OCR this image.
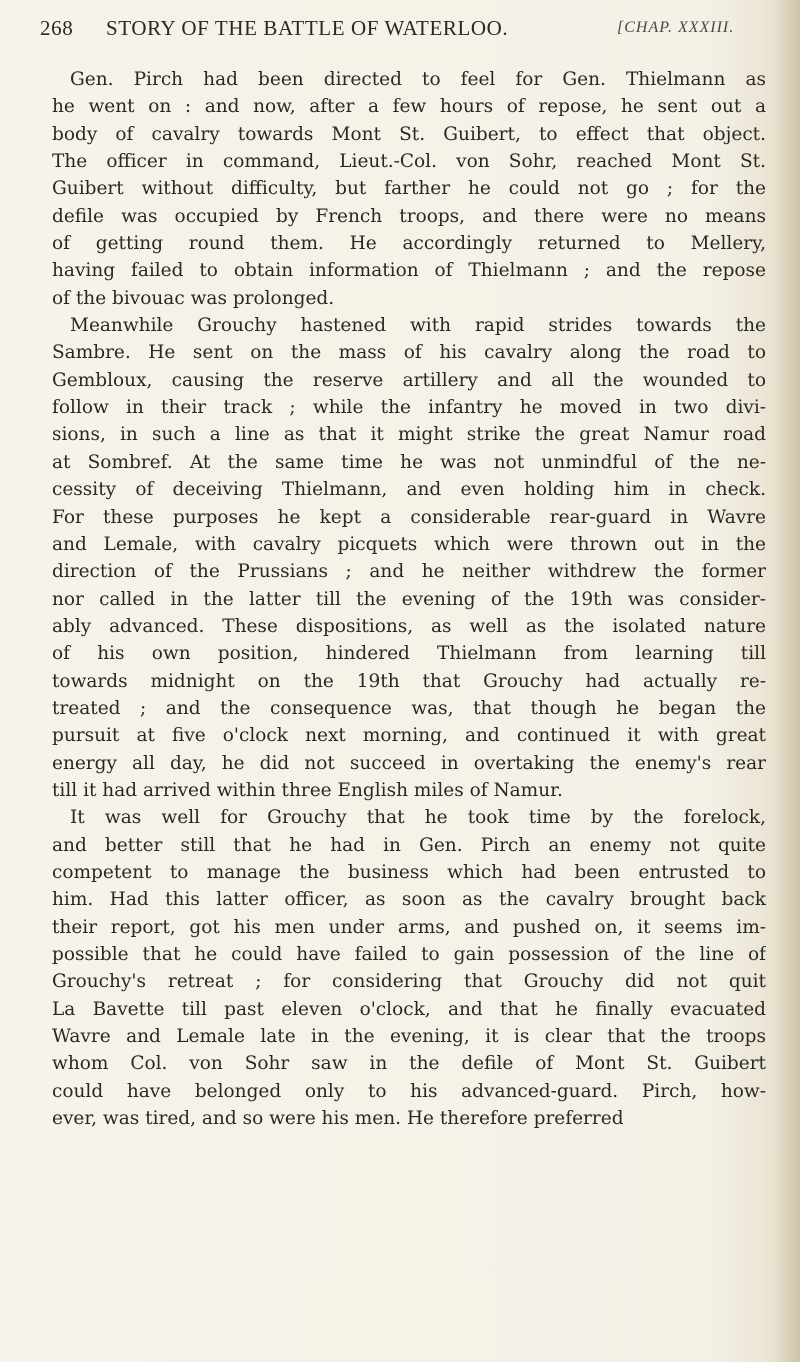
268 STORY OF THE BATTLE OF WATERLOO.	[CHAP. XXXIII.
Gen. Pirch had been directed to feel for Gen. Thielmann as
he went on : and now, after a few hours of repose, he sent out a
body of cavalry towards Mont St. Guibert, to effect that object.
The officer in command, Lieut.-Col. von Sohr, reached Mont St.
Guibert without difficulty, but farther he could not go ; for the
defile was occupied by French troops, and there were no means
of getting round them. He accordingly returned to Mellery,
having failed to obtain information of Thielmann ; and the repose
of the bivouac was prolonged.
Meanwhile Grouchy hastened with rapid strides towards the
Sambre. He sent on the mass of his cavalry along the road to
Gembloux, causing the reserve artillery and all the wounded to
follow in their track ; while the infantry he moved in two divi-
sions, in such a line as that it might strike the great Namur road
at Sombref. At the same time he was not unmindful of the ne-
cessity of deceiving Thielmann, and even holding him in check.
For these purposes he kept a considerable rear-guard in Wavre
and Lemale, with cavalry picquets which were thrown out in the
direction of the Prussians ; and he neither withdrew the former
nor called in the latter till the evening of the 19th was consider-
ably advanced. These dispositions, as well as the isolated nature
of his own position, hindered Thielmann from learning till
towards midnight on the 19th that Grouchy had actually re-
treated ; and the consequence was, that though he began the
pursuit at five o'clock next morning, and continued it with great
energy all day, he did not succeed in overtaking the enemy's rear
till it had arrived within three English miles of Namur.
It was well for Grouchy that he took time by the forelock,
and better still that he had in Gen. Pirch an enemy not quite
competent to manage the business which had been entrusted to
him. Had this latter officer, as soon as the cavalry brought back
their report, got his men under arms, and pushed on, it seems im-
possible that he could have failed to gain possession of the line of
Grouchy's retreat ; for considering that Grouchy did not quit
La Bavette till past eleven o'clock, and that he finally evacuated
Wavre and Lemale late in the evening, it is clear that the troops
whom Col. von Sohr saw in the defile of Mont St. Guibert
could have belonged only to his advanced-guard. Pirch, how-
ever, was tired, and so were his men. He therefore preferred
